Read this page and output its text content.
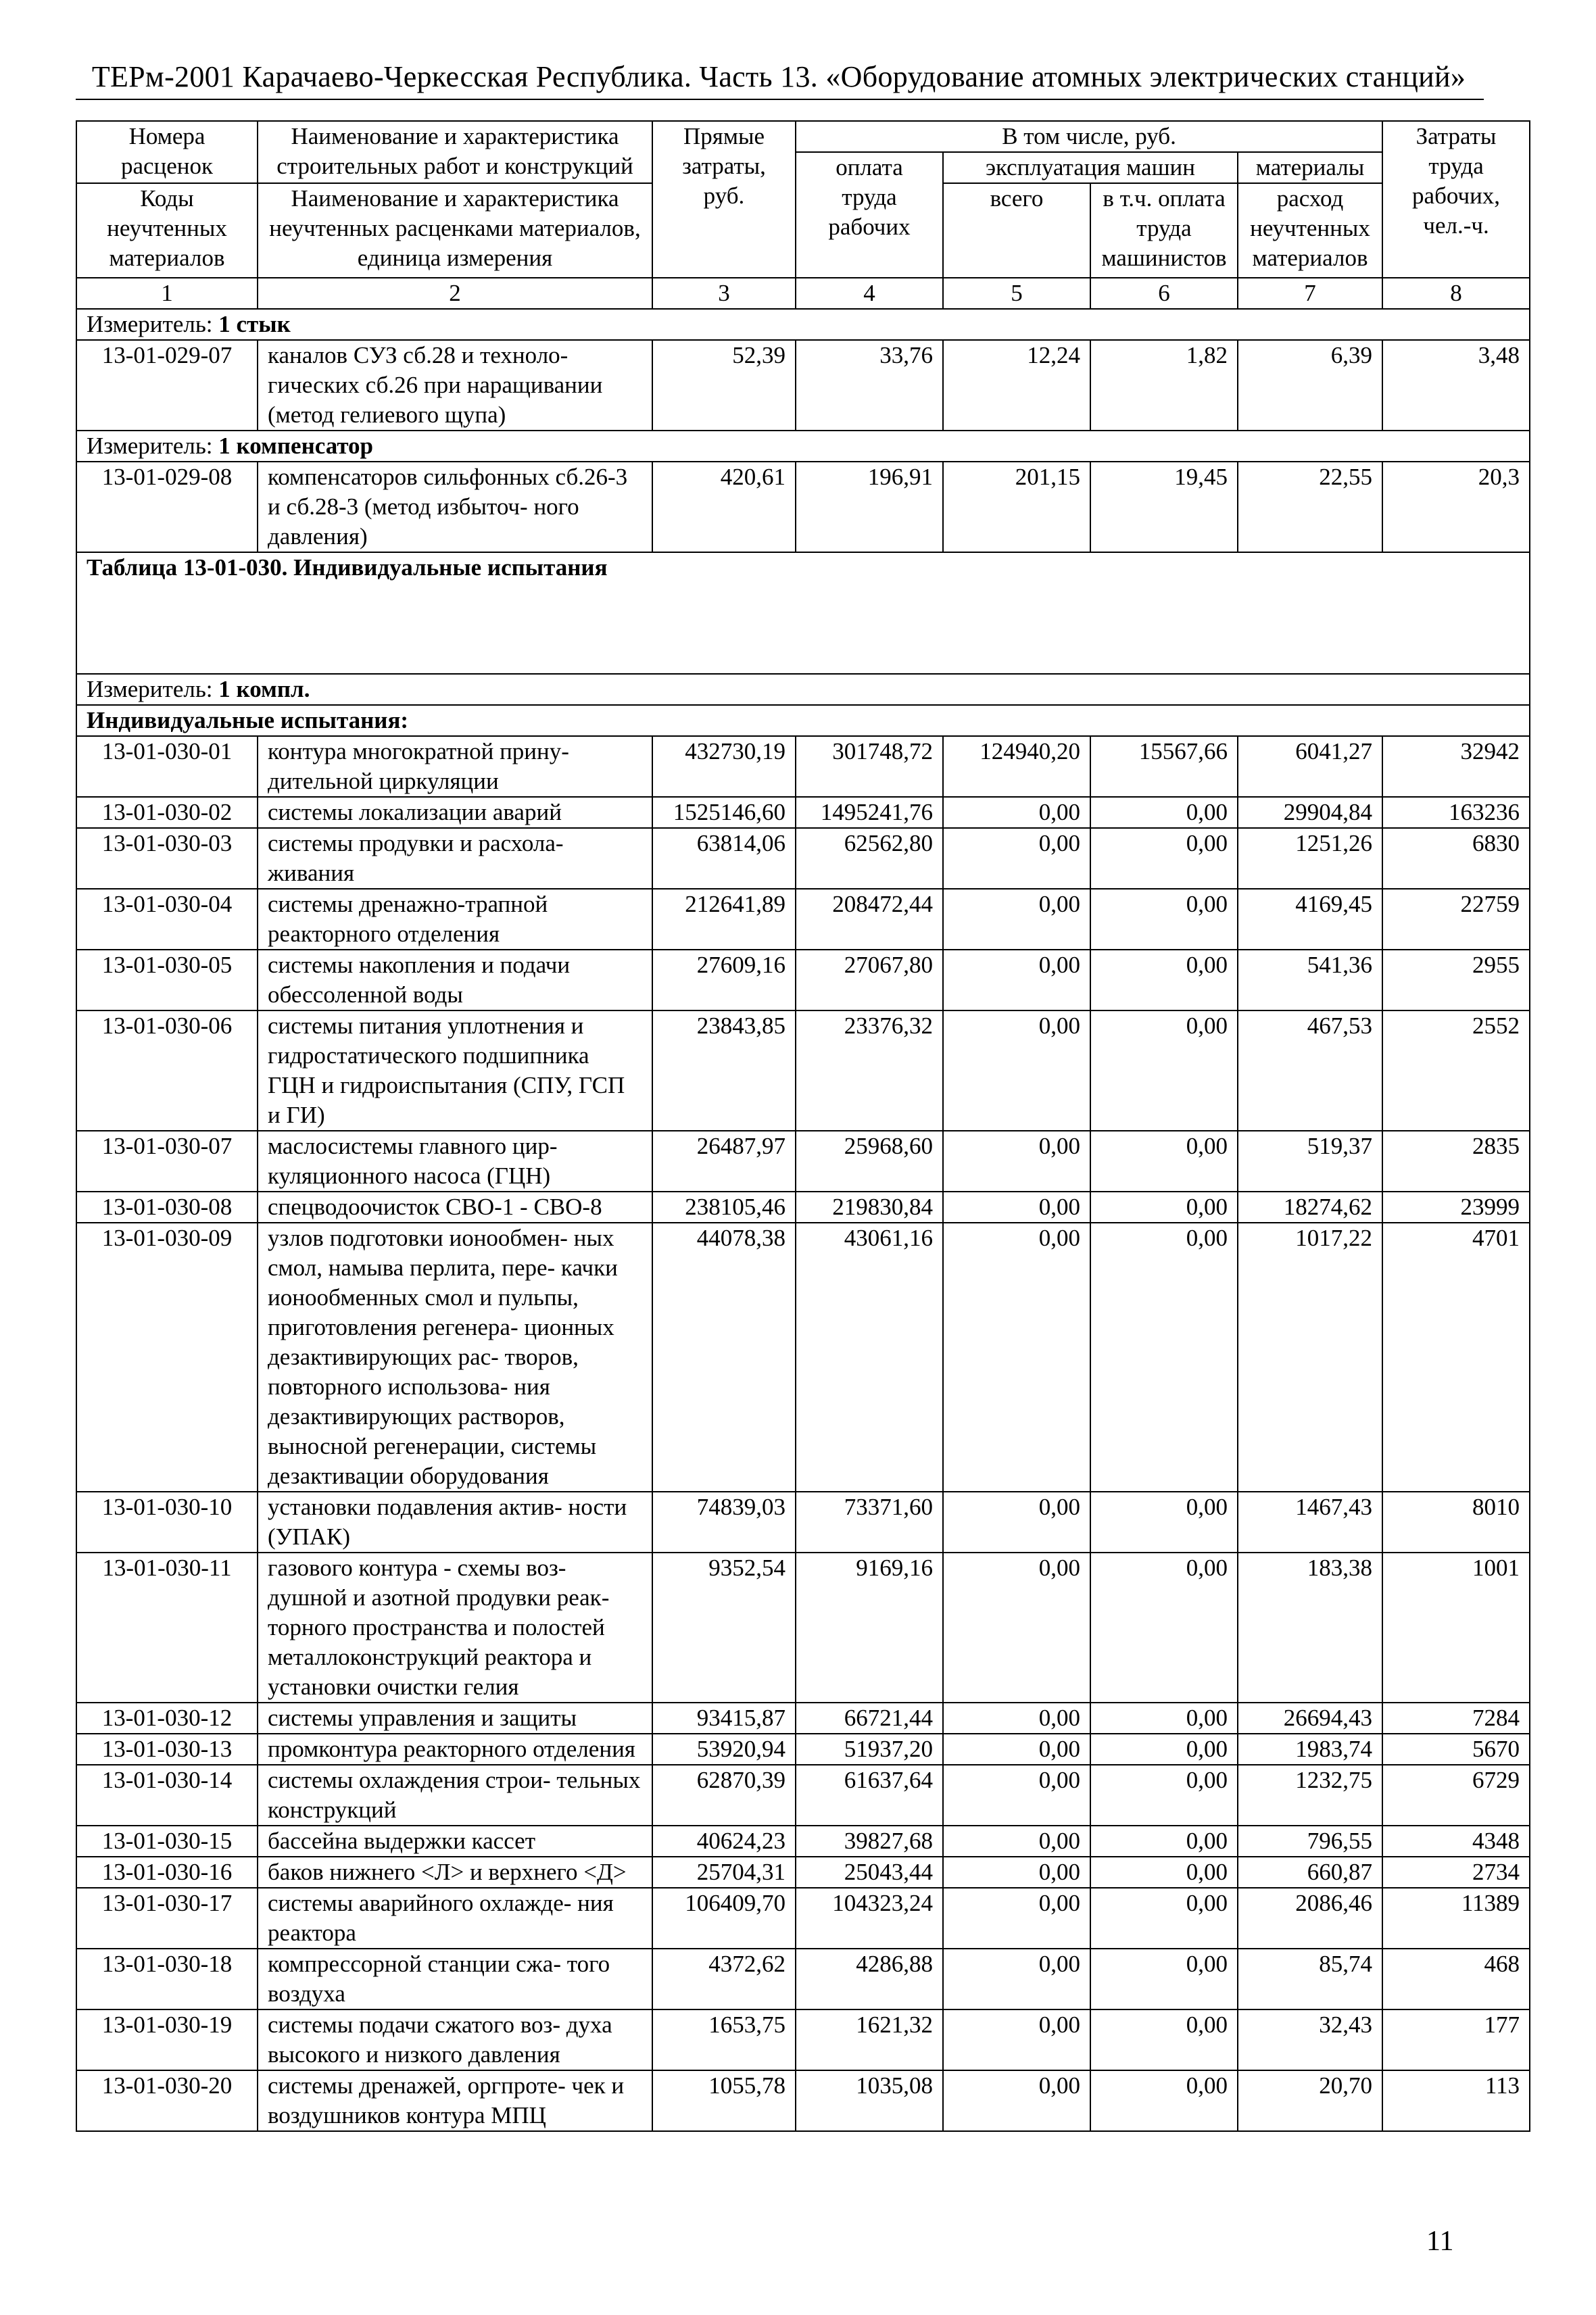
ТЕРм-2001 Карачаево-Черкесская Республика. Часть 13. «Оборудование атомных электрических станций»
Номера расценок	Наименование и характеристика строительных работ и конструкций	Прямые затраты, руб.	В том числе, руб.				Затраты труда рабочих, чел.-ч.
			оплата труда рабочих	эксплуатация машин		материалы	
Коды неучтенных материалов	Наименование и характеристика неучтенных расценками материалов, единица измерения			всего	в т.ч. оплата труда машинистов	расход неучтенных материалов	
1	2	3	4	5	6	7	8
Измеритель: 1 стык							
13-01-029-07	каналов СУЗ сб.28 и техноло- гических сб.26 при наращивании (метод гелиевого щупа)	52,39	33,76	12,24	1,82	6,39	3,48
Измеритель: 1 компенсатор							
13-01-029-08	компенсаторов сильфонных сб.26-3 и сб.28-3 (метод избыточ- ного давления)	420,61	196,91	201,15	19,45	22,55	20,3
Таблица 13-01-030. Индивидуальные испытания							
Измеритель: 1 компл.							
Индивидуальные испытания:							
13-01-030-01	контура многократной прину- дительной циркуляции	432730,19	301748,72	124940,20	15567,66	6041,27	32942
13-01-030-02	системы локализации аварий	1525146,60	1495241,76	0,00	0,00	29904,84	163236
13-01-030-03	системы продувки и расхола- живания	63814,06	62562,80	0,00	0,00	1251,26	6830
13-01-030-04	системы дренажно-трапной реакторного отделения	212641,89	208472,44	0,00	0,00	4169,45	22759
13-01-030-05	системы накопления и подачи обессоленной воды	27609,16	27067,80	0,00	0,00	541,36	2955
13-01-030-06	системы питания уплотнения и гидростатического подшипника ГЦН и гидроиспытания (СПУ, ГСП и ГИ)	23843,85	23376,32	0,00	0,00	467,53	2552
13-01-030-07	маслосистемы главного цир- куляционного насоса (ГЦН)	26487,97	25968,60	0,00	0,00	519,37	2835
13-01-030-08	спецводоочисток СВО-1 - СВО-8	238105,46	219830,84	0,00	0,00	18274,62	23999
13-01-030-09	узлов подготовки ионообмен- ных смол, намыва перлита, пере- качки ионообменных смол и пульпы, приготовления регенера- ционных дезактивирующих рас- творов, повторного использова- ния дезактивирующих растворов, выносной регенерации, системы дезактивации оборудования	44078,38	43061,16	0,00	0,00	1017,22	4701
13-01-030-10	установки подавления актив- ности (УПАК)	74839,03	73371,60	0,00	0,00	1467,43	8010
13-01-030-11	газового контура - схемы воз- душной и азотной продувки реак- торного пространства и полостей металлоконструкций реактора и установки очистки гелия	9352,54	9169,16	0,00	0,00	183,38	1001
13-01-030-12	системы управления и защиты	93415,87	66721,44	0,00	0,00	26694,43	7284
13-01-030-13	промконтура реакторного отделения	53920,94	51937,20	0,00	0,00	1983,74	5670
13-01-030-14	системы охлаждения строи- тельных конструкций	62870,39	61637,64	0,00	0,00	1232,75	6729
13-01-030-15	бассейна выдержки кассет	40624,23	39827,68	0,00	0,00	796,55	4348
13-01-030-16	баков нижнего <Л> и верхнего <Д>	25704,31	25043,44	0,00	0,00	660,87	2734
13-01-030-17	системы аварийного охлажде- ния реактора	106409,70	104323,24	0,00	0,00	2086,46	11389
13-01-030-18	компрессорной станции сжа- того воздуха	4372,62	4286,88	0,00	0,00	85,74	468
13-01-030-19	системы подачи сжатого воз- духа высокого и низкого давления	1653,75	1621,32	0,00	0,00	32,43	177
13-01-030-20	системы дренажей, оргпроте- чек и воздушников контура МПЦ	1055,78	1035,08	0,00	0,00	20,70	113
11
